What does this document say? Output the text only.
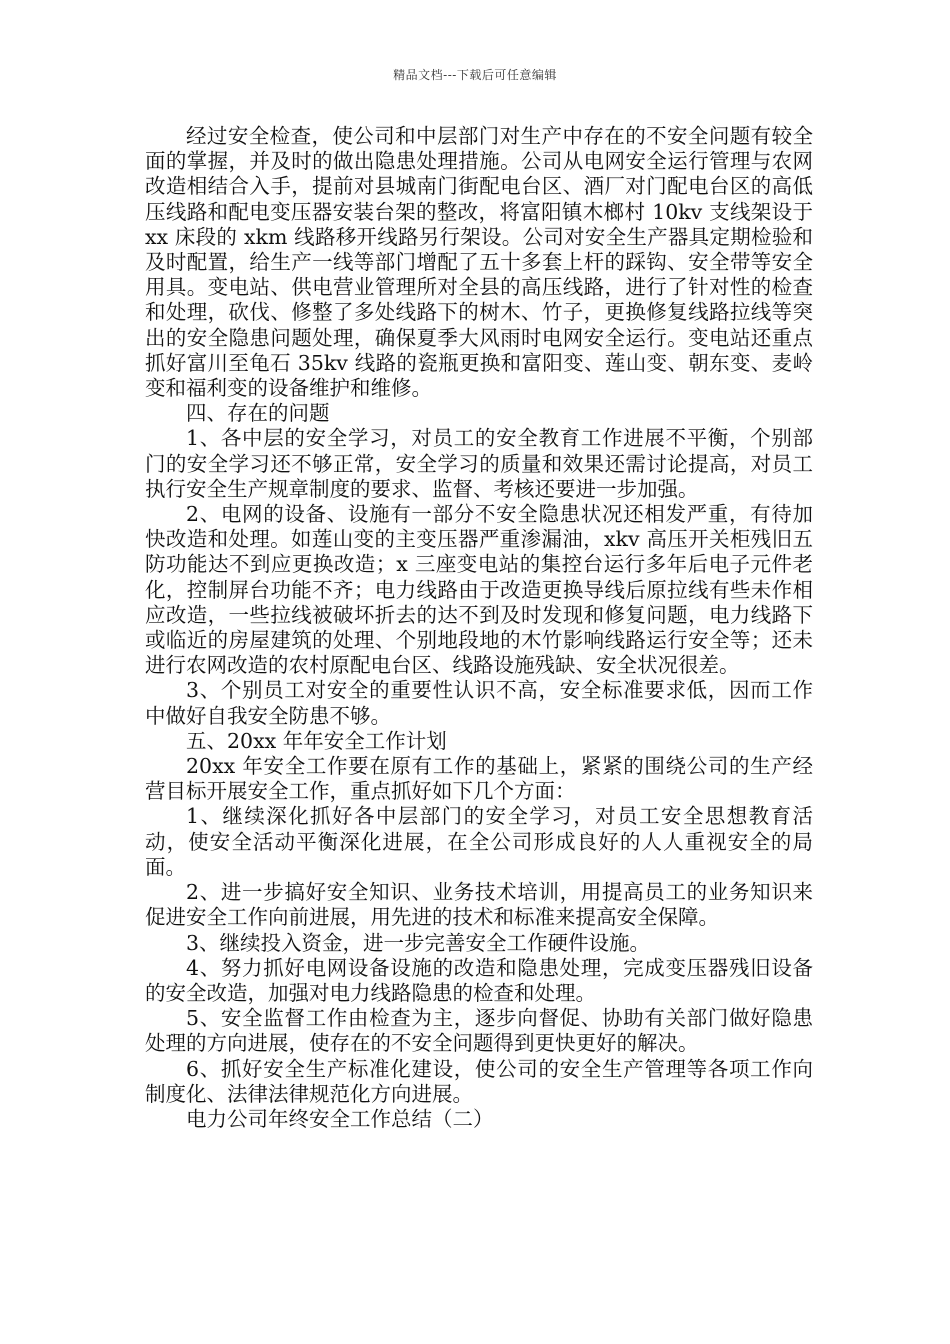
精品文档---下载后可任意编辑

经过安全检查，使公司和中层部门对生产中存在的不安全问题有较全面的掌握，并及时的做出隐患处理措施。公司从电网安全运行管理与农网改造相结合入手，提前对县城南门街配电台区、酒厂对门配电台区的高低压线路和配电变压器安装台架的整改，将富阳镇木榔村 10kv 支线架设于 xx 床段的 xkm 线路移开线路另行架设。公司对安全生产器具定期检验和及时配置，给生产一线等部门增配了五十多套上杆的踩钩、安全带等安全用具。变电站、供电营业管理所对全县的高压线路，进行了针对性的检查和处理，砍伐、修整了多处线路下的树木、竹子，更换修复线路拉线等突出的安全隐患问题处理，确保夏季大风雨时电网安全运行。变电站还重点抓好富川至龟石 35kv 线路的瓷瓶更换和富阳变、莲山变、朝东变、麦岭变和福利变的设备维护和维修。

四、存在的问题

1、各中层的安全学习，对员工的安全教育工作进展不平衡，个别部门的安全学习还不够正常，安全学习的质量和效果还需讨论提高，对员工执行安全生产规章制度的要求、监督、考核还要进一步加强。

2、电网的设备、设施有一部分不安全隐患状况还相发严重，有待加快改造和处理。如莲山变的主变压器严重渗漏油，xkv 高压开关柜残旧五防功能达不到应更换改造；x 三座变电站的集控台运行多年后电子元件老化，控制屏台功能不齐；电力线路由于改造更换导线后原拉线有些未作相应改造，一些拉线被破坏折去的达不到及时发现和修复问题，电力线路下或临近的房屋建筑的处理、个别地段地的木竹影响线路运行安全等；还未进行农网改造的农村原配电台区、线路设施残缺、安全状况很差。

3、个别员工对安全的重要性认识不高，安全标准要求低，因而工作中做好自我安全防患不够。

五、20xx 年年安全工作计划

20xx 年安全工作要在原有工作的基础上，紧紧的围绕公司的生产经营目标开展安全工作，重点抓好如下几个方面：

1、继续深化抓好各中层部门的安全学习，对员工安全思想教育活动，使安全活动平衡深化进展，在全公司形成良好的人人重视安全的局面。

2、进一步搞好安全知识、业务技术培训，用提高员工的业务知识来促进安全工作向前进展，用先进的技术和标准来提高安全保障。

3、继续投入资金，进一步完善安全工作硬件设施。

4、努力抓好电网设备设施的改造和隐患处理，完成变压器残旧设备的安全改造，加强对电力线路隐患的检查和处理。

5、安全监督工作由检查为主，逐步向督促、协助有关部门做好隐患处理的方向进展，使存在的不安全问题得到更快更好的解决。

6、抓好安全生产标准化建设，使公司的安全生产管理等各项工作向制度化、法律法律规范化方向进展。

电力公司年终安全工作总结（二）
